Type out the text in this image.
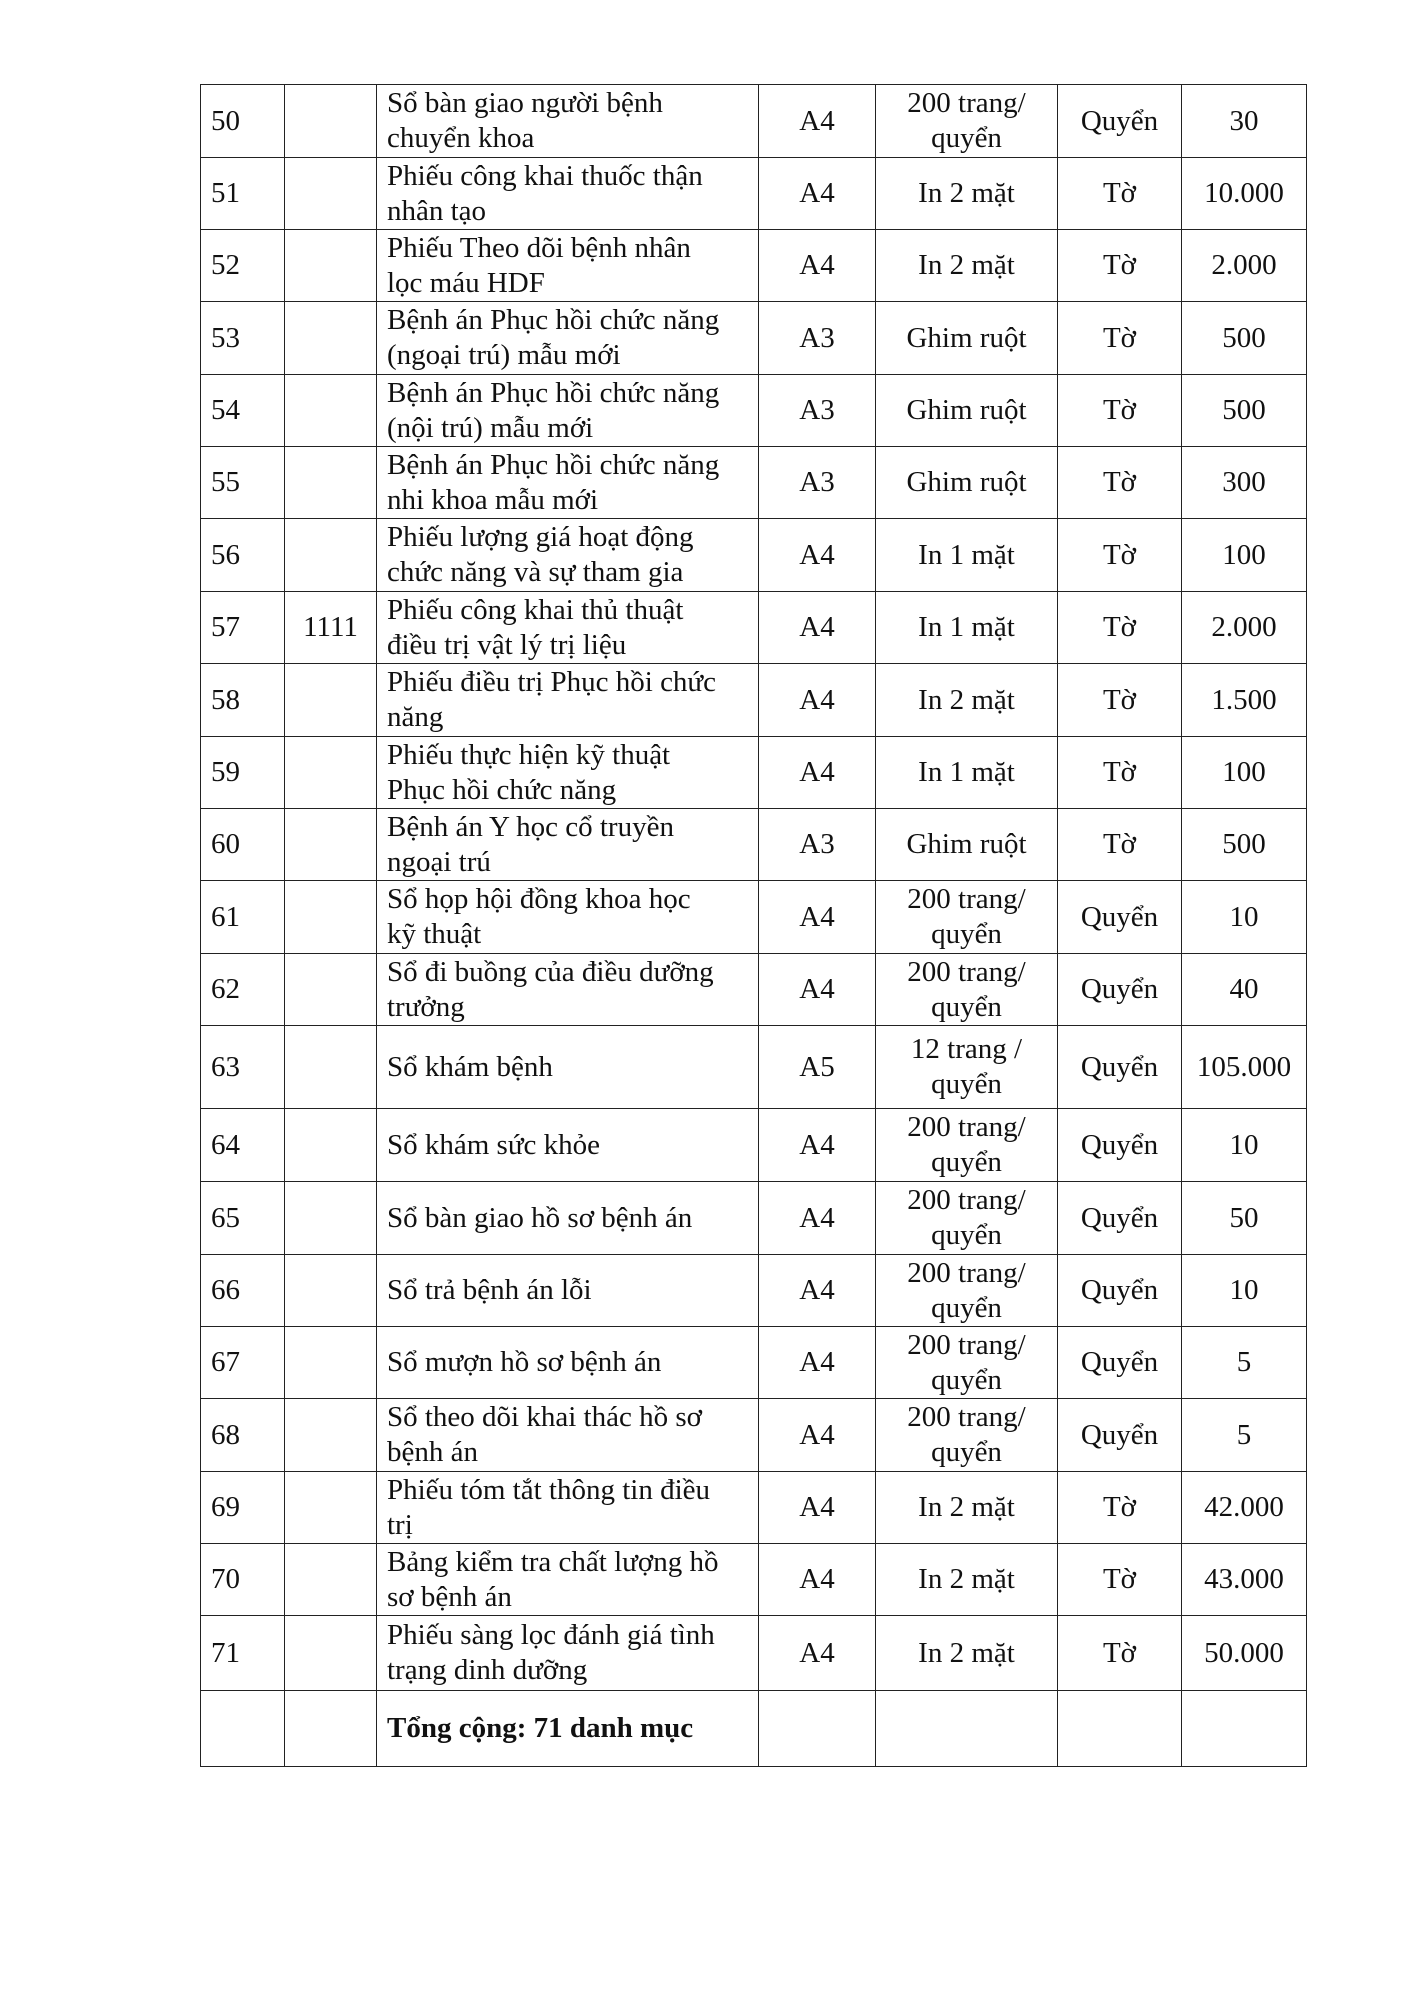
50		Sổ bàn giao người bệnh
chuyển khoa	A4	200 trang/
quyển	Quyển	30
51		Phiếu công khai thuốc thận
nhân tạo	A4	In 2 mặt	Tờ	10.000
52		Phiếu Theo dõi bệnh nhân
lọc máu HDF	A4	In 2 mặt	Tờ	2.000
53		Bệnh án Phục hồi chức năng
(ngoại trú) mẫu mới	A3	Ghim ruột	Tờ	500
54		Bệnh án Phục hồi chức năng
(nội trú) mẫu mới	A3	Ghim ruột	Tờ	500
55		Bệnh án Phục hồi chức năng
nhi khoa mẫu mới	A3	Ghim ruột	Tờ	300
56		Phiếu lượng giá hoạt động
chức năng và sự tham gia	A4	In 1 mặt	Tờ	100
57	1111	Phiếu công khai thủ thuật
điều trị vật lý trị liệu	A4	In 1 mặt	Tờ	2.000
58		Phiếu điều trị Phục hồi chức
năng	A4	In 2 mặt	Tờ	1.500
59		Phiếu thực hiện kỹ thuật
Phục hồi chức năng	A4	In 1 mặt	Tờ	100
60		Bệnh án Y học cổ truyền
ngoại trú	A3	Ghim ruột	Tờ	500
61		Sổ họp hội đồng khoa học
kỹ thuật	A4	200 trang/
quyển	Quyển	10
62		Sổ đi buồng của điều dưỡng
trưởng	A4	200 trang/
quyển	Quyển	40
63		Sổ khám bệnh	A5	12 trang /
quyển	Quyển	105.000
64		Sổ khám sức khỏe	A4	200 trang/
quyển	Quyển	10
65		Sổ bàn giao hồ sơ bệnh án	A4	200 trang/
quyển	Quyển	50
66		Sổ trả bệnh án lỗi	A4	200 trang/
quyển	Quyển	10
67		Sổ mượn hồ sơ bệnh án	A4	200 trang/
quyển	Quyển	5
68		Sổ theo dõi khai thác hồ sơ
bệnh án	A4	200 trang/
quyển	Quyển	5
69		Phiếu tóm tắt thông tin điều
trị	A4	In 2 mặt	Tờ	42.000
70		Bảng kiểm tra chất lượng hồ
sơ bệnh án	A4	In 2 mặt	Tờ	43.000
71		Phiếu sàng lọc đánh giá tình
trạng dinh dưỡng	A4	In 2 mặt	Tờ	50.000
		Tổng cộng: 71 danh mục				
